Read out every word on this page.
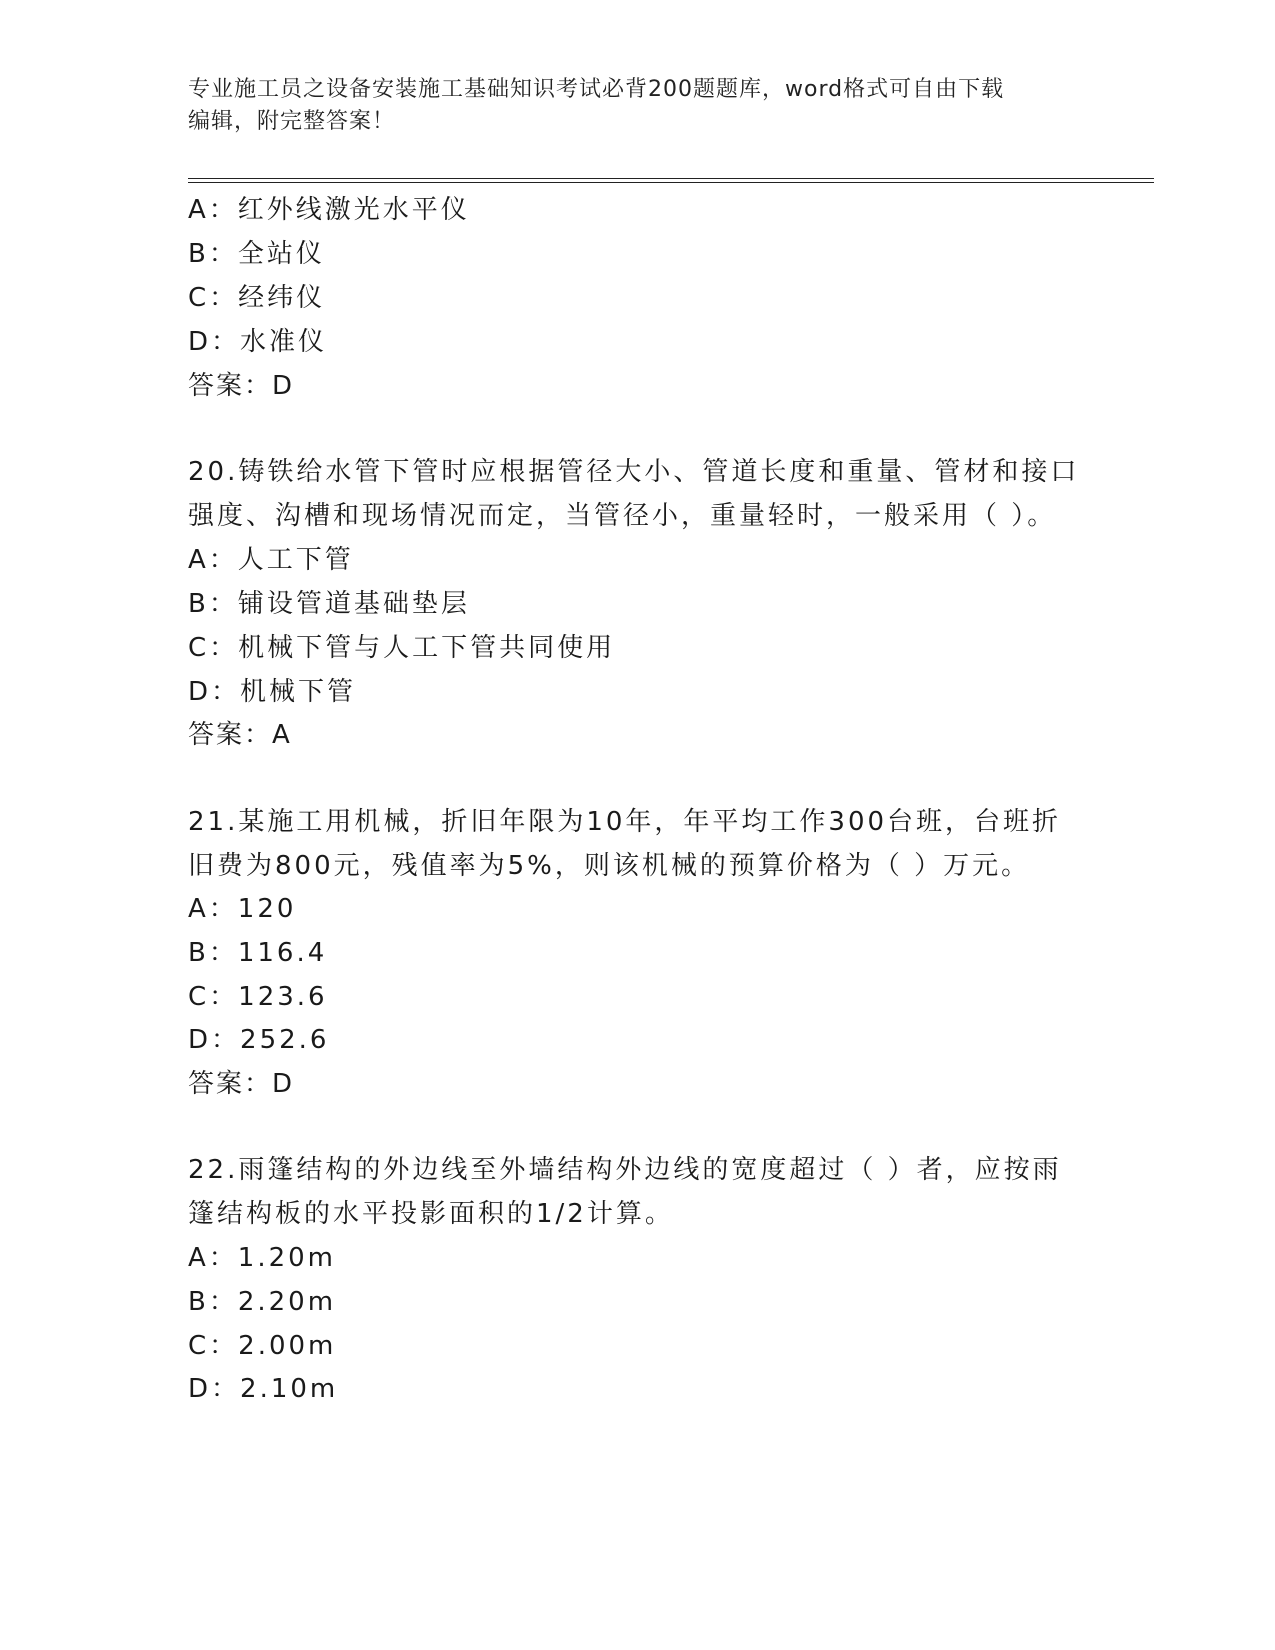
专业施工员之设备安装施工基础知识考试必背200题题库，word格式可自由下载
编辑，附完整答案！
A：红外线激光水平仪
B：全站仪
C：经纬仪
D：水准仪
答案：D
20.铸铁给水管下管时应根据管径大小、管道长度和重量、管材和接口
强度、沟槽和现场情况而定，当管径小，重量轻时，一般采用（ ）。
A：人工下管
B：铺设管道基础垫层
C：机械下管与人工下管共同使用
D：机械下管
答案：A
21.某施工用机械，折旧年限为10年，年平均工作300台班，台班折
旧费为800元，残值率为5%，则该机械的预算价格为（ ）万元。
A：120
B：116.4
C：123.6
D：252.6
答案：D
22.雨篷结构的外边线至外墙结构外边线的宽度超过（ ）者，应按雨
篷结构板的水平投影面积的1/2计算。
A：1.20m
B：2.20m
C：2.00m
D：2.10m
